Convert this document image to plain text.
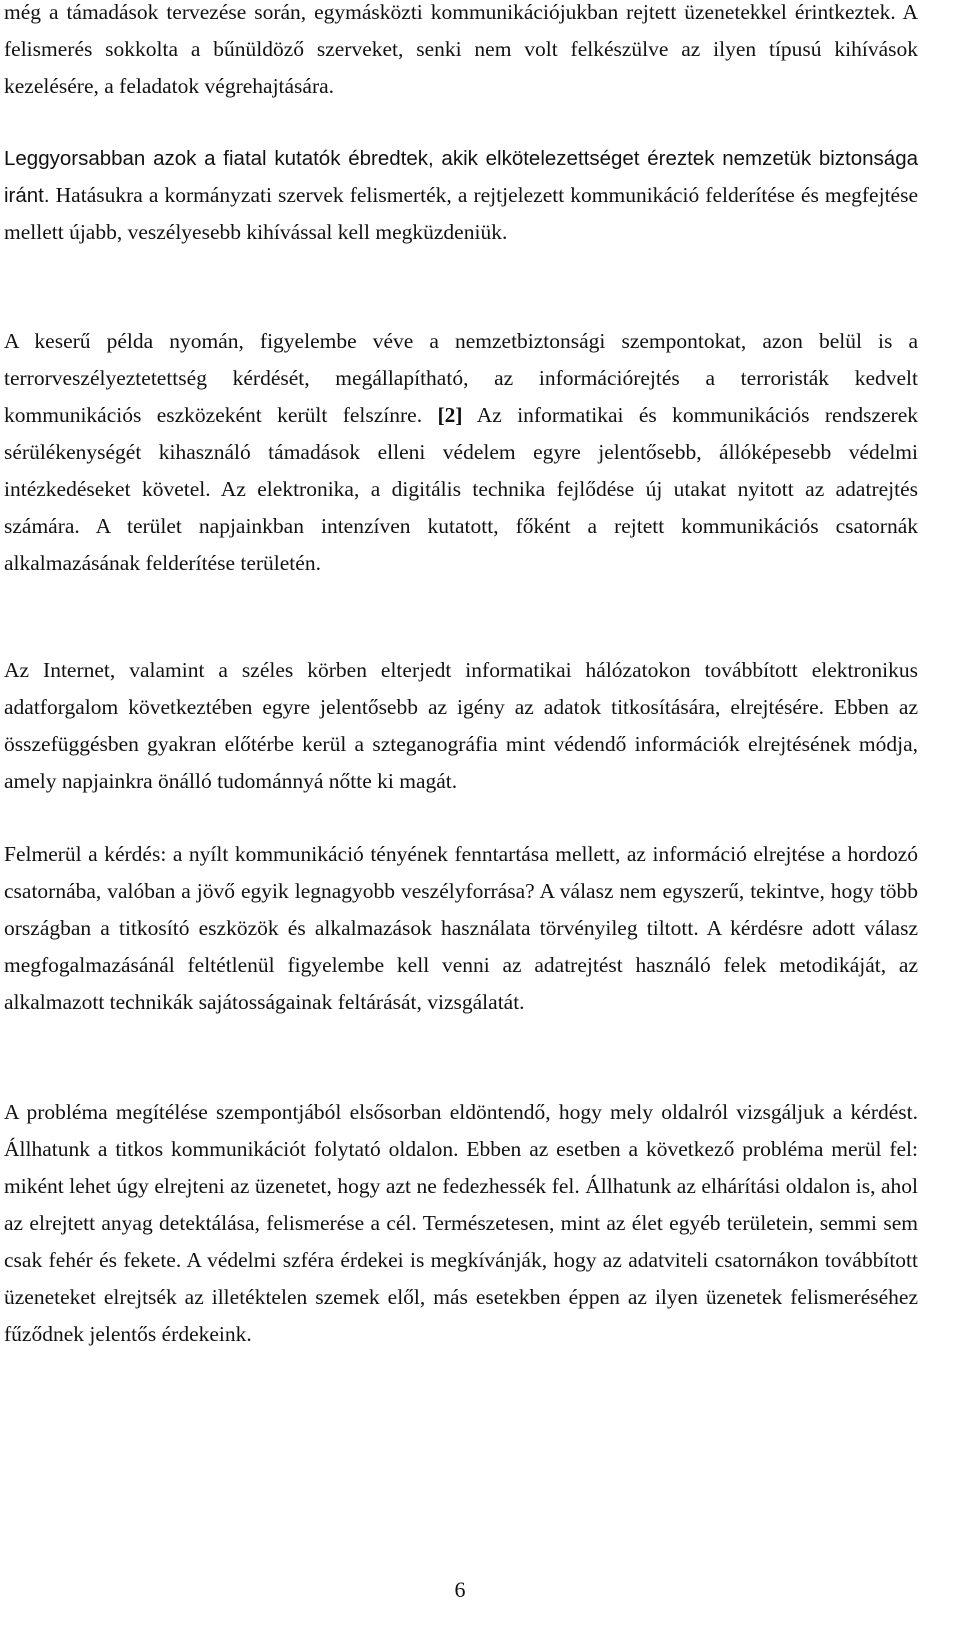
még a támadások tervezése során, egymásközti kommunikációjukban rejtett üzenetekkel érintkeztek. A felismerés sokkolta a bűnüldöző szerveket, senki nem volt felkészülve az ilyen típusú kihívások kezelésére, a feladatok végrehajtására.

Leggyorsabban azok a fiatal kutatók ébredtek, akik elkötelezettséget éreztek nemzetük biztonsága iránt. Hatásukra a kormányzati szervek felismerték, a rejtjelezett kommunikáció felderítése és megfejtése mellett újabb, veszélyesebb kihívással kell megküzdeniük.

A keserű példa nyomán, figyelembe véve a nemzetbiztonsági szempontokat, azon belül is a terrorveszélyeztetettség kérdését, megállapítható, az információrejtés a terroristák kedvelt kommunikációs eszközeként került felszínre. [2] Az informatikai és kommunikációs rendszerek sérülékenységét kihasználó támadások elleni védelem egyre jelentősebb, állóképesebb védelmi intézkedéseket követel. Az elektronika, a digitális technika fejlődése új utakat nyitott az adatrejtés számára. A terület napjainkban intenzíven kutatott, főként a rejtett kommunikációs csatornák alkalmazásának felderítése területén.

Az Internet, valamint a széles körben elterjedt informatikai hálózatokon továbbított elektronikus adatforgalom következtében egyre jelentősebb az igény az adatok titkosítására, elrejtésére. Ebben az összefüggésben gyakran előtérbe kerül a szteganográfia mint védendő információk elrejtésének módja, amely napjainkra önálló tudománnyá nőtte ki magát.

Felmerül a kérdés: a nyílt kommunikáció tényének fenntartása mellett, az információ elrejtése a hordozó csatornába, valóban a jövő egyik legnagyobb veszélyforrása? A válasz nem egyszerű, tekintve, hogy több országban a titkosító eszközök és alkalmazások használata törvényileg tiltott. A kérdésre adott válasz megfogalmazásánál feltétlenül figyelembe kell venni az adatrejtést használó felek metodikáját, az alkalmazott technikák sajátosságainak feltárását, vizsgálatát.

A probléma megítélése szempontjából elsősorban eldöntendő, hogy mely oldalról vizsgáljuk a kérdést. Állhatunk a titkos kommunikációt folytató oldalon. Ebben az esetben a következő probléma merül fel: miként lehet úgy elrejteni az üzenetet, hogy azt ne fedezhessék fel. Állhatunk az elhárítási oldalon is, ahol az elrejtett anyag detektálása, felismerése a cél. Természetesen, mint az élet egyéb területein, semmi sem csak fehér és fekete. A védelmi szféra érdekei is megkívánják, hogy az adatviteli csatornákon továbbított üzeneteket elrejtsék az illetéktelen szemek elől, más esetekben éppen az ilyen üzenetek felismeréséhez fűződnek jelentős érdekeink.

6
